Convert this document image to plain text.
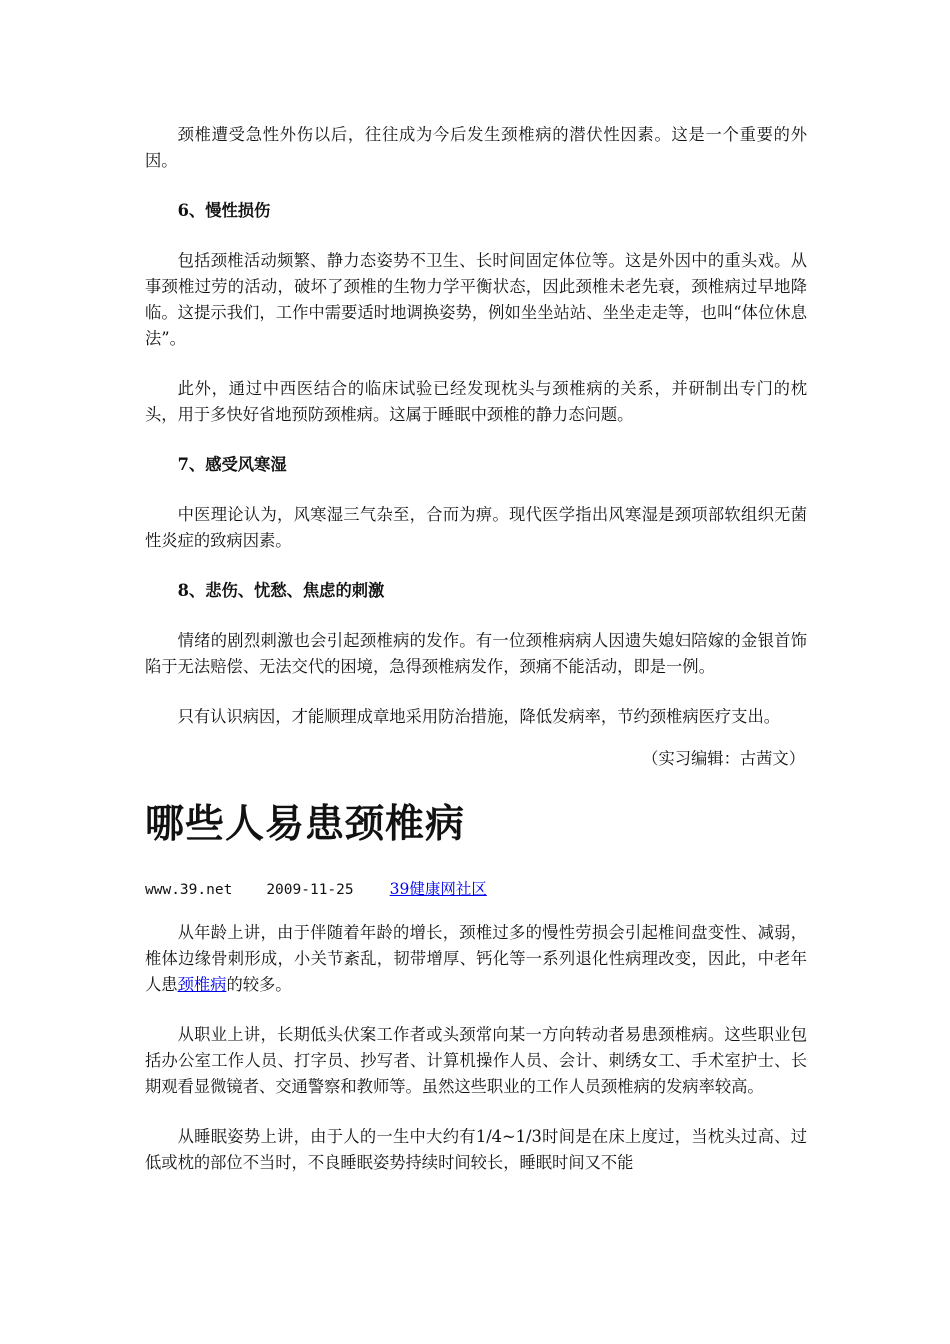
颈椎遭受急性外伤以后，往往成为今后发生颈椎病的潜伏性因素。这是一个重要的外因。

6、慢性损伤

包括颈椎活动频繁、静力态姿势不卫生、长时间固定体位等。这是外因中的重头戏。从事颈椎过劳的活动，破坏了颈椎的生物力学平衡状态，因此颈椎未老先衰，颈椎病过早地降临。这提示我们，工作中需要适时地调换姿势，例如坐坐站站、坐坐走走等，也叫“体位休息法”。

此外，通过中西医结合的临床试验已经发现枕头与颈椎病的关系，并研制出专门的枕头，用于多快好省地预防颈椎病。这属于睡眠中颈椎的静力态问题。

7、感受风寒湿

中医理论认为，风寒湿三气杂至，合而为痹。现代医学指出风寒湿是颈项部软组织无菌性炎症的致病因素。

8、悲伤、忧愁、焦虑的刺激

情绪的剧烈刺激也会引起颈椎病的发作。有一位颈椎病病人因遗失媳妇陪嫁的金银首饰陷于无法赔偿、无法交代的困境，急得颈椎病发作，颈痛不能活动，即是一例。

只有认识病因，才能顺理成章地采用防治措施，降低发病率，节约颈椎病医疗支出。

（实习编辑：古茜文）

哪些人易患颈椎病

www.39.net 2009-11-25 39健康网社区

从年龄上讲，由于伴随着年龄的增长，颈椎过多的慢性劳损会引起椎间盘变性、减弱，椎体边缘骨刺形成，小关节紊乱，韧带增厚、钙化等一系列退化性病理改变，因此，中老年人患颈椎病的较多。

从职业上讲，长期低头伏案工作者或头颈常向某一方向转动者易患颈椎病。这些职业包括办公室工作人员、打字员、抄写者、计算机操作人员、会计、刺绣女工、手术室护士、长期观看显微镜者、交通警察和教师等。虽然这些职业的工作人员颈椎病的发病率较高。

从睡眠姿势上讲，由于人的一生中大约有1/4~1/3时间是在床上度过，当枕头过高、过低或枕的部位不当时，不良睡眠姿势持续时间较长，睡眠时间又不能
